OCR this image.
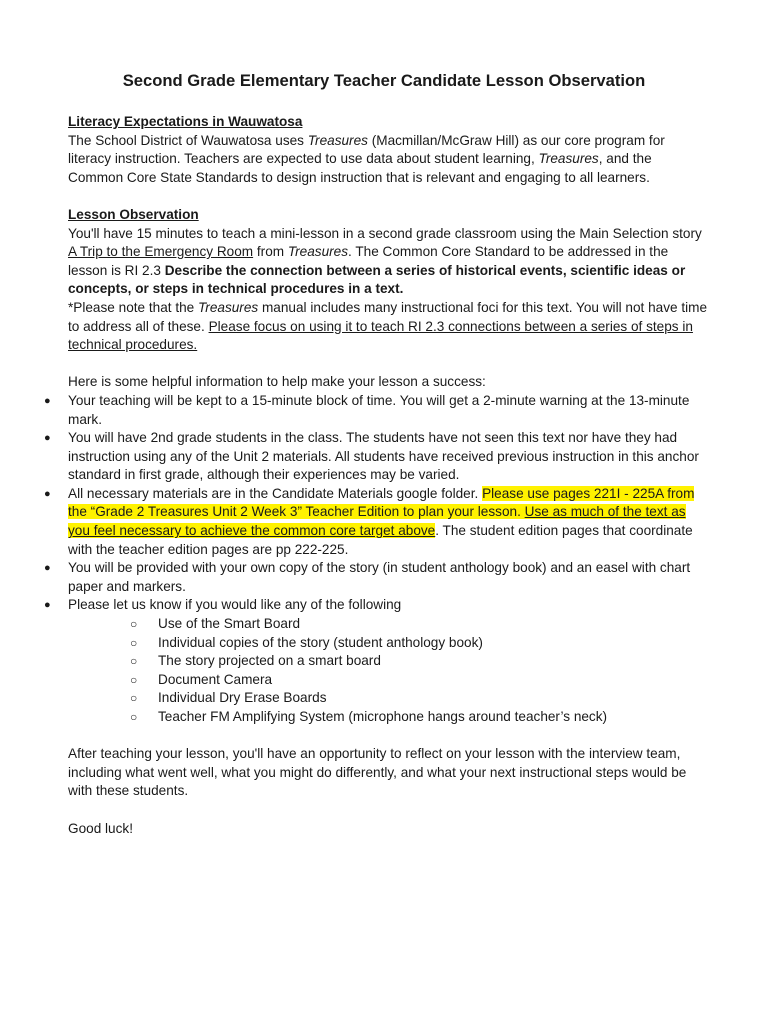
Second Grade Elementary Teacher Candidate Lesson Observation

Literacy Expectations in Wauwatosa

The School District of Wauwatosa uses Treasures (Macmillan/McGraw Hill) as our core program for literacy instruction. Teachers are expected to use data about student learning, Treasures, and the Common Core State Standards to design instruction that is relevant and engaging to all learners.

Lesson Observation

You'll have 15 minutes to teach a mini-lesson in a second grade classroom using the Main Selection story A Trip to the Emergency Room from Treasures. The Common Core Standard to be addressed in the lesson is RI 2.3 Describe the connection between a series of historical events, scientific ideas or concepts, or steps in technical procedures in a text.

*Please note that the Treasures manual includes many instructional foci for this text. You will not have time to address all of these. Please focus on using it to teach RI 2.3 connections between a series of steps in technical procedures.

Here is some helpful information to help make your lesson a success:

● Your teaching will be kept to a 15-minute block of time. You will get a 2-minute warning at the 13-minute mark.
● You will have 2nd grade students in the class. The students have not seen this text nor have they had instruction using any of the Unit 2 materials. All students have received previous instruction in this anchor standard in first grade, although their experiences may be varied.
● All necessary materials are in the Candidate Materials google folder. Please use pages 221I - 225A from the “Grade 2 Treasures Unit 2 Week 3” Teacher Edition to plan your lesson. Use as much of the text as you feel necessary to achieve the common core target above. The student edition pages that coordinate with the teacher edition pages are pp 222-225.
● You will be provided with your own copy of the story (in student anthology book) and an easel with chart paper and markers.
● Please let us know if you would like any of the following
○ Use of the Smart Board
○ Individual copies of the story (student anthology book)
○ The story projected on a smart board
○ Document Camera
○ Individual Dry Erase Boards
○ Teacher FM Amplifying System (microphone hangs around teacher’s neck)

After teaching your lesson, you'll have an opportunity to reflect on your lesson with the interview team, including what went well, what you might do differently, and what your next instructional steps would be with these students.

Good luck!
